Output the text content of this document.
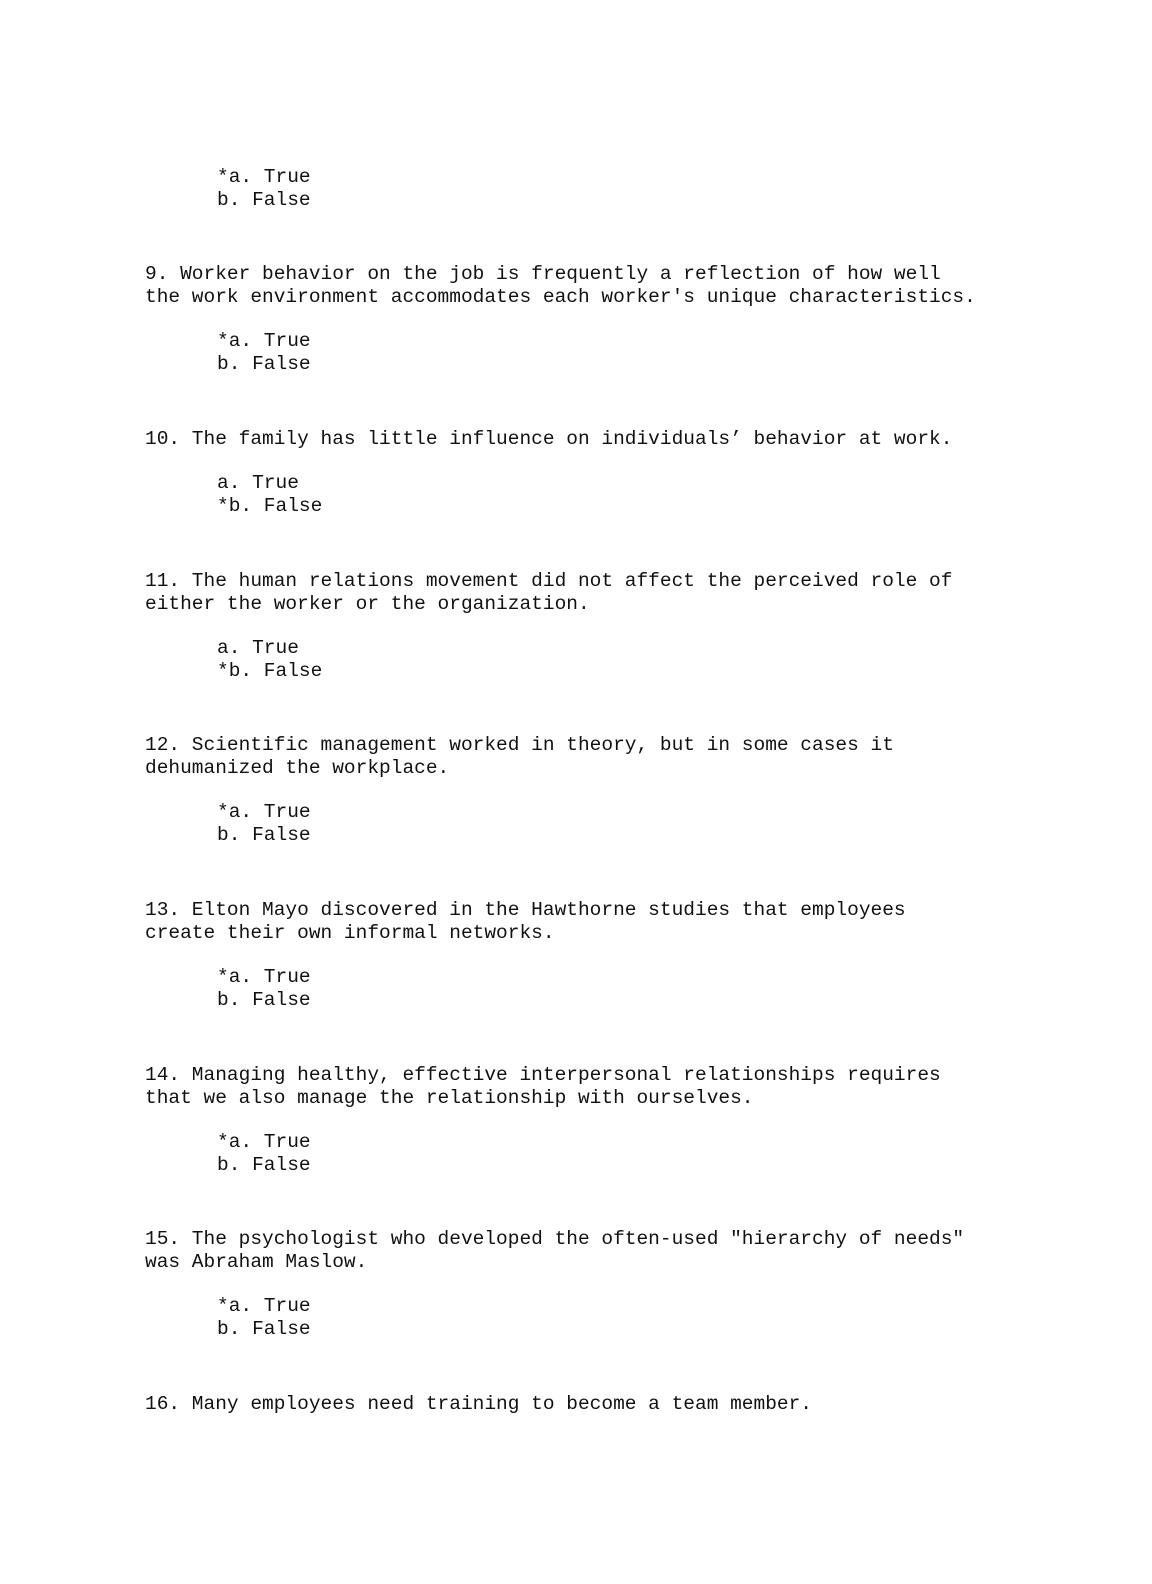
*a. True
b. False
9. Worker behavior on the job is frequently a reflection of how well
the work environment accommodates each worker's unique characteristics.
*a. True
b. False
10. The family has little influence on individuals’ behavior at work.
a. True
*b. False
11. The human relations movement did not affect the perceived role of
either the worker or the organization.
a. True
*b. False
12. Scientific management worked in theory, but in some cases it
dehumanized the workplace.
*a. True
b. False
13. Elton Mayo discovered in the Hawthorne studies that employees
create their own informal networks.
*a. True
b. False
14. Managing healthy, effective interpersonal relationships requires
that we also manage the relationship with ourselves.
*a. True
b. False
15. The psychologist who developed the often-used "hierarchy of needs"
was Abraham Maslow.
*a. True
b. False
16. Many employees need training to become a team member.
